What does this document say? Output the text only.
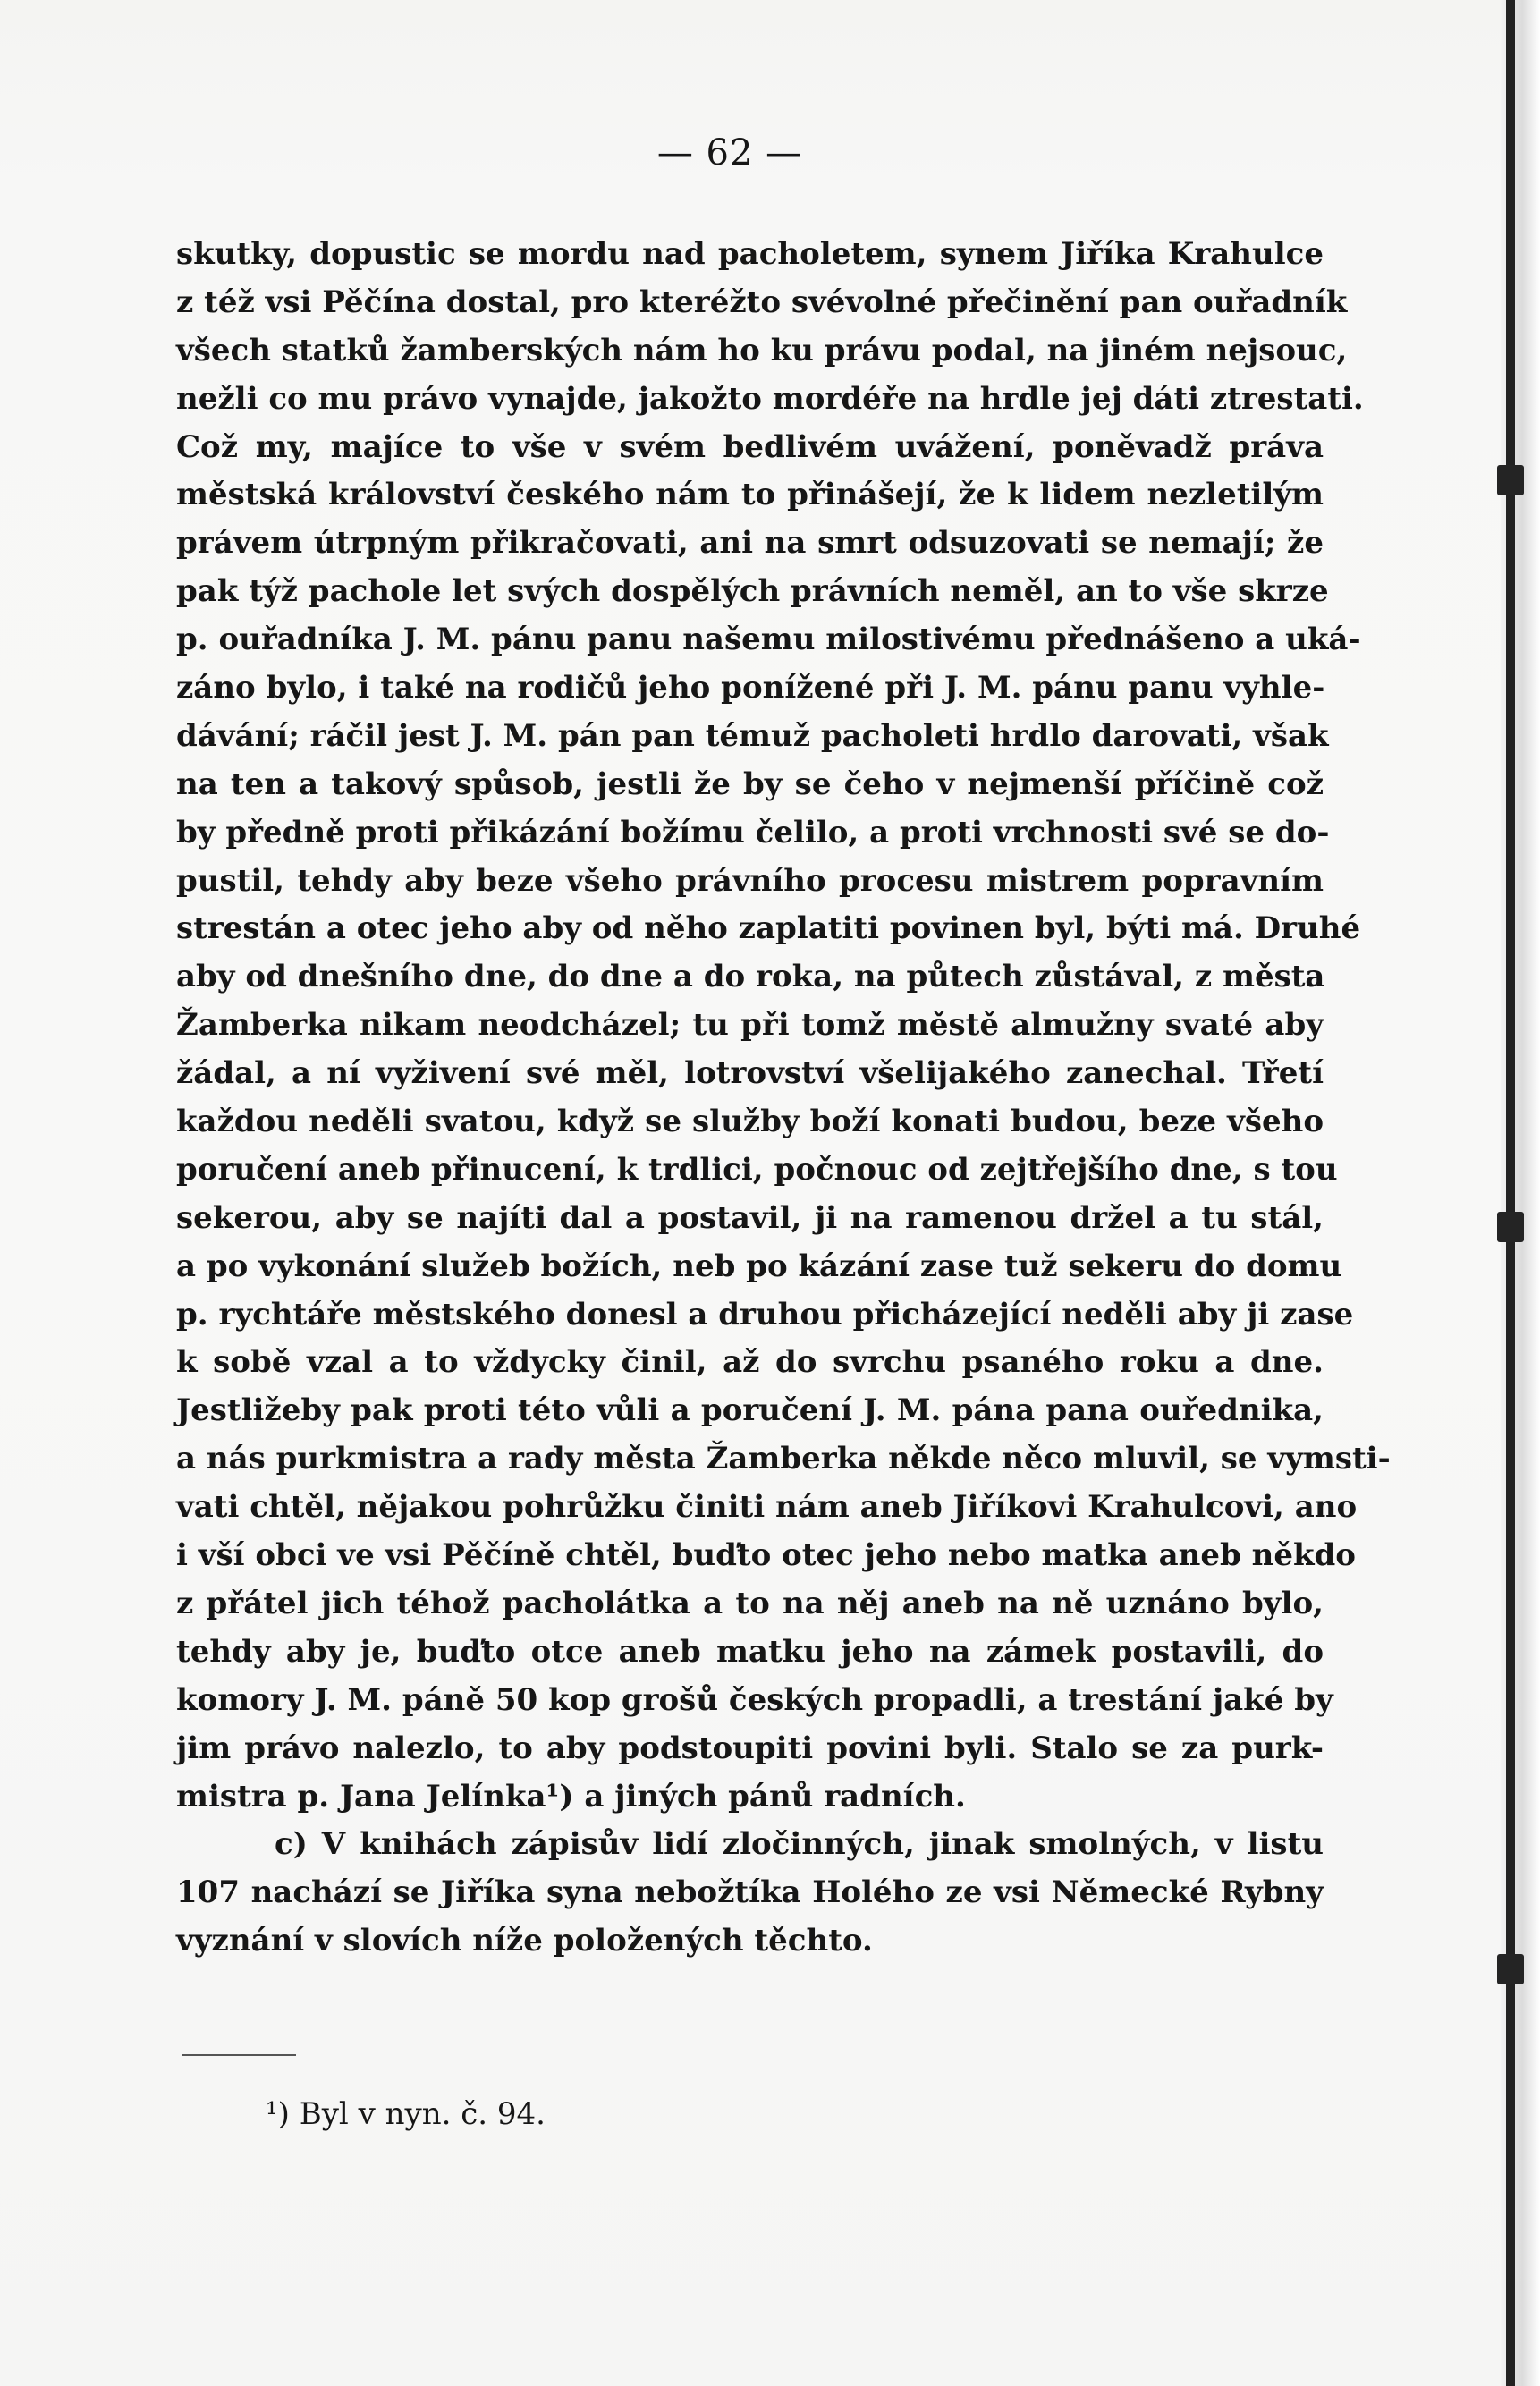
— 62 —
skutky, dopustic se mordu nad pacholetem, synem Jiříka Krahulce
z též vsi Pěčína dostal, pro kteréžto svévolné přečinění pan ouřadník
všech statků žamberských nám ho ku právu podal, na jiném nejsouc,
nežli co mu právo vynajde, jakožto mordéře na hrdle jej dáti ztrestati.
Což my, majíce to vše v svém bedlivém uvážení, poněvadž práva
městská království českého nám to přinášejí, že k lidem nezletilým
právem útrpným přikračovati, ani na smrt odsuzovati se nemají; že
pak týž pachole let svých dospělých právních neměl, an to vše skrze
p. ouřadníka J. M. pánu panu našemu milostivému přednášeno a uká-
záno bylo, i také na rodičů jeho ponížené při J. M. pánu panu vyhle-
dávání; ráčil jest J. M. pán pan témuž pacholeti hrdlo darovati, však
na ten a takový spůsob, jestli že by se čeho v nejmenší příčině což
by předně proti přikázání božímu čelilo, a proti vrchnosti své se do-
pustil, tehdy aby beze všeho právního procesu mistrem popravním
strestán a otec jeho aby od něho zaplatiti povinen byl, býti má. Druhé
aby od dnešního dne, do dne a do roka, na půtech zůstával, z města
Žamberka nikam neodcházel; tu při tomž městě almužny svaté aby
žádal, a ní vyživení své měl, lotrovství všelijakého zanechal. Třetí
každou neděli svatou, když se služby boží konati budou, beze všeho
poručení aneb přinucení, k trdlici, počnouc od zejtřejšího dne, s tou
sekerou, aby se najíti dal a postavil, ji na ramenou držel a tu stál,
a po vykonání služeb božích, neb po kázání zase tuž sekeru do domu
p. rychtáře městského donesl a druhou přicházející neděli aby ji zase
k sobě vzal a to vždycky činil, až do svrchu psaného roku a dne.
Jestližeby pak proti této vůli a poručení J. M. pána pana ouřednika,
a nás purkmistra a rady města Žamberka někde něco mluvil, se vymsti-
vati chtěl, nějakou pohrůžku činiti nám aneb Jiříkovi Krahulcovi, ano
i vší obci ve vsi Pěčíně chtěl, buďto otec jeho nebo matka aneb někdo
z přátel jich téhož pacholátka a to na něj aneb na ně uznáno bylo,
tehdy aby je, buďto otce aneb matku jeho na zámek postavili, do
komory J. M. páně 50 kop grošů českých propadli, a trestání jaké by
jim právo nalezlo, to aby podstoupiti povini byli. Stalo se za purk-
mistra p. Jana Jelínka¹) a jiných pánů radních.
c) V knihách zápisův lidí zločinných, jinak smolných, v listu
107 nachází se Jiříka syna nebožtíka Holého ze vsi Německé Rybny
vyznání v slovích níže položených těchto.
¹) Byl v nyn. č. 94.
